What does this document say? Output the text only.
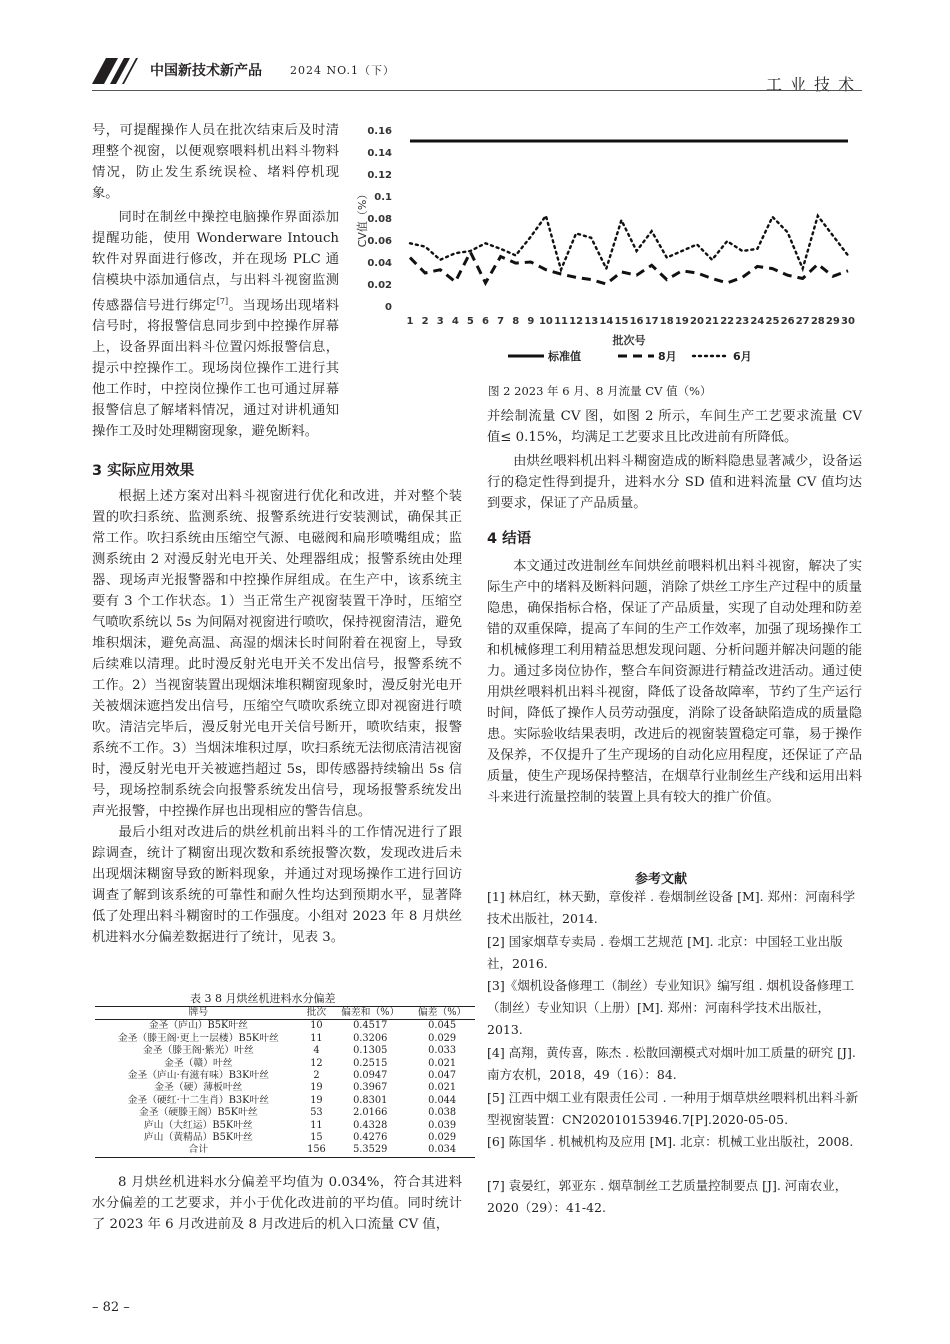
中国新技术新产品	2024 NO.1（下）
工业技术

号，可提醒操作人员在批次结束后及时清理整个视窗，以便观察喂料机出料斗物料情况，防止发生系统误检、堵料停机现象。

同时在制丝中操控电脑操作界面添加提醒功能，使用 Wonderware Intouch 软件对界面进行修改，并在现场 PLC 通信模块中添加通信点，与出料斗视窗监测传感器信号进行绑定[7]。当现场出现堵料信号时，将报警信息同步到中控操作屏幕上，设备界面出料斗位置闪烁报警信息，提示中控操作工。现场岗位操作工进行其他工作时，中控岗位操作工也可通过屏幕报警信息了解堵料情况，通过对讲机通知操作工及时处理糊窗现象，避免断料。

3 实际应用效果

根据上述方案对出料斗视窗进行优化和改进，并对整个装置的吹扫系统、监测系统、报警系统进行安装测试，确保其正常工作。吹扫系统由压缩空气源、电磁阀和扁形喷嘴组成；监测系统由 2 对漫反射光电开关、处理器组成；报警系统由处理器、现场声光报警器和中控操作屏组成。在生产中，该系统主要有 3 个工作状态。1）当正常生产视窗装置干净时，压缩空气喷吹系统以 5s 为间隔对视窗进行喷吹，保持视窗清洁，避免堆积烟沫，避免高温、高湿的烟沫长时间附着在视窗上，导致后续难以清理。此时漫反射光电开关不发出信号，报警系统不工作。2）当视窗装置出现烟沫堆积糊窗现象时，漫反射光电开关被烟沫遮挡发出信号，压缩空气喷吹系统立即对视窗进行喷吹。清洁完毕后，漫反射光电开关信号断开，喷吹结束，报警系统不工作。3）当烟沫堆积过厚，吹扫系统无法彻底清洁视窗时，漫反射光电开关被遮挡超过 5s，即传感器持续输出 5s 信号，现场控制系统会向报警系统发出信号，现场报警系统发出声光报警，中控操作屏也出现相应的警告信息。

最后小组对改进后的烘丝机前出料斗的工作情况进行了跟踪调查，统计了糊窗出现次数和系统报警次数，发现改进后未出现烟沫糊窗导致的断料现象，并通过对现场操作工进行回访调查了解到该系统的可靠性和耐久性均达到预期水平，显著降低了处理出料斗糊窗时的工作强度。小组对 2023 年 8 月烘丝机进料水分偏差数据进行了统计，见表 3。

表 3 8 月烘丝机进料水分偏差
牌号	批次	偏差和（%）	偏差（%）
金圣（庐山）B5K叶丝	10	0.4517	0.045
金圣（滕王阁·更上一层楼）B5K叶丝	11	0.3206	0.029
金圣（滕王阁·紫光）叶丝	4	0.1305	0.033
金圣（赣）叶丝	12	0.2515	0.021
金圣（庐山·有滋有味）B3K叶丝	2	0.0947	0.047
金圣（硬）薄板叶丝	19	0.3967	0.021
金圣（硬红·十二生肖）B3K叶丝	19	0.8301	0.044
金圣（硬滕王阁）B5K叶丝	53	2.0166	0.038
庐山（大红运）B5K叶丝	11	0.4328	0.039
庐山（黄精品）B5K叶丝	15	0.4276	0.029
合计	156	5.3529	0.034

8 月烘丝机进料水分偏差平均值为 0.034%，符合其进料水分偏差的工艺要求，并小于优化改进前的平均值。同时统计了 2023 年 6 月改进前及 8 月改进后的机入口流量 CV 值，

0
0.02
0.04
0.06
0.08
0.1
0.12
0.14
0.16
1 2 3 4 5 6 7 8 9 10 11 12 13 14 15 16 17 18 19 20 21 22 23 24 25 26 27 28 29 30
CV值（%）
批次号
标准值	8月	6月
图 2 2023 年 6 月、8 月流量 CV 值（%）

并绘制流量 CV 图，如图 2 所示，车间生产工艺要求流量 CV 值≤ 0.15%，均满足工艺要求且比改进前有所降低。

由烘丝喂料机出料斗糊窗造成的断料隐患显著减少，设备运行的稳定性得到提升，进料水分 SD 值和进料流量 CV 值均达到要求，保证了产品质量。

4 结语

本文通过改进制丝车间烘丝前喂料机出料斗视窗，解决了实际生产中的堵料及断料问题，消除了烘丝工序生产过程中的质量隐患，确保指标合格，保证了产品质量，实现了自动处理和防差错的双重保障，提高了车间的生产工作效率，加强了现场操作工和机械修理工利用精益思想发现问题、分析问题并解决问题的能力。通过多岗位协作，整合车间资源进行精益改进活动。通过使用烘丝喂料机出料斗视窗，降低了设备故障率，节约了生产运行时间，降低了操作人员劳动强度，消除了设备缺陷造成的质量隐患。实际验收结果表明，改进后的视窗装置稳定可靠，易于操作及保养，不仅提升了生产现场的自动化应用程度，还保证了产品质量，使生产现场保持整洁，在烟草行业制丝生产线和运用出料斗来进行流量控制的装置上具有较大的推广价值。

参考文献

[1] 林启红，林天勤，章俊祥 . 卷烟制丝设备 [M]. 郑州：河南科学技术出版社，2014.

[2] 国家烟草专卖局 . 卷烟工艺规范 [M]. 北京：中国轻工业出版社，2016.

[3]《烟机设备修理工（制丝）专业知识》编写组 . 烟机设备修理工（制丝）专业知识（上册）[M]. 郑州：河南科学技术出版社，2013.

[4] 高翔，黄传喜，陈杰 . 松散回潮模式对烟叶加工质量的研究 [J]. 南方农机，2018，49（16）：84.

[5] 江西中烟工业有限责任公司 . 一种用于烟草烘丝喂料机出料斗新型视窗装置：CN202010153946.7[P].2020-05-05.

[6] 陈国华 . 机械机构及应用 [M]. 北京：机械工业出版社，2008.

[7] 袁晏红，郭亚东 . 烟草制丝工艺质量控制要点 [J]. 河南农业，2020（29）：41-42.

– 82 –
